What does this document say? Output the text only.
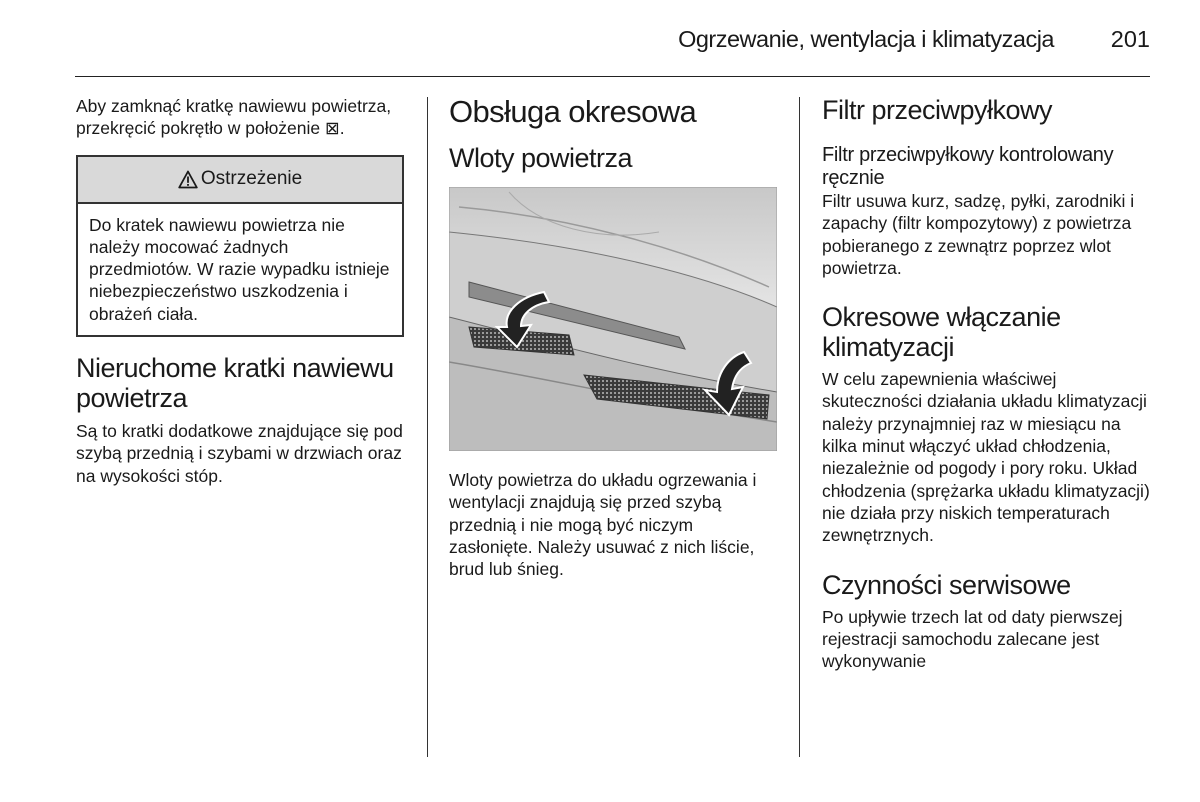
Ogrzewanie, wentylacja i klimatyzacja 201

Aby zamknąć kratkę nawiewu powietrza, przekręcić pokrętło w położenie ⊠.

Ostrzeżenie

Do kratek nawiewu powietrza nie należy mocować żadnych przedmiotów. W razie wypadku istnieje niebezpieczeństwo uszkodzenia i obrażeń ciała.

Nieruchome kratki nawiewu powietrza

Są to kratki dodatkowe znajdujące się pod szybą przednią i szybami w drzwiach oraz na wysokości stóp.

Obsługa okresowa
Wloty powietrza

Wloty powietrza do układu ogrzewania i wentylacji znajdują się przed szybą przednią i nie mogą być niczym zasłonięte. Należy usuwać z nich liście, brud lub śnieg.

Filtr przeciwpyłkowy
Filtr przeciwpyłkowy kontrolowany ręcznie

Filtr usuwa kurz, sadzę, pyłki, zarodniki i zapachy (filtr kompozytowy) z powietrza pobieranego z zewnątrz poprzez wlot powietrza.

Okresowe włączanie klimatyzacji

W celu zapewnienia właściwej skuteczności działania układu klimatyzacji należy przynajmniej raz w miesiącu na kilka minut włączyć układ chłodzenia, niezależnie od pogody i pory roku. Układ chłodzenia (sprężarka układu klimatyzacji) nie działa przy niskich temperaturach zewnętrznych.

Czynności serwisowe

Po upływie trzech lat od daty pierwszej rejestracji samochodu zalecane jest wykonywanie
